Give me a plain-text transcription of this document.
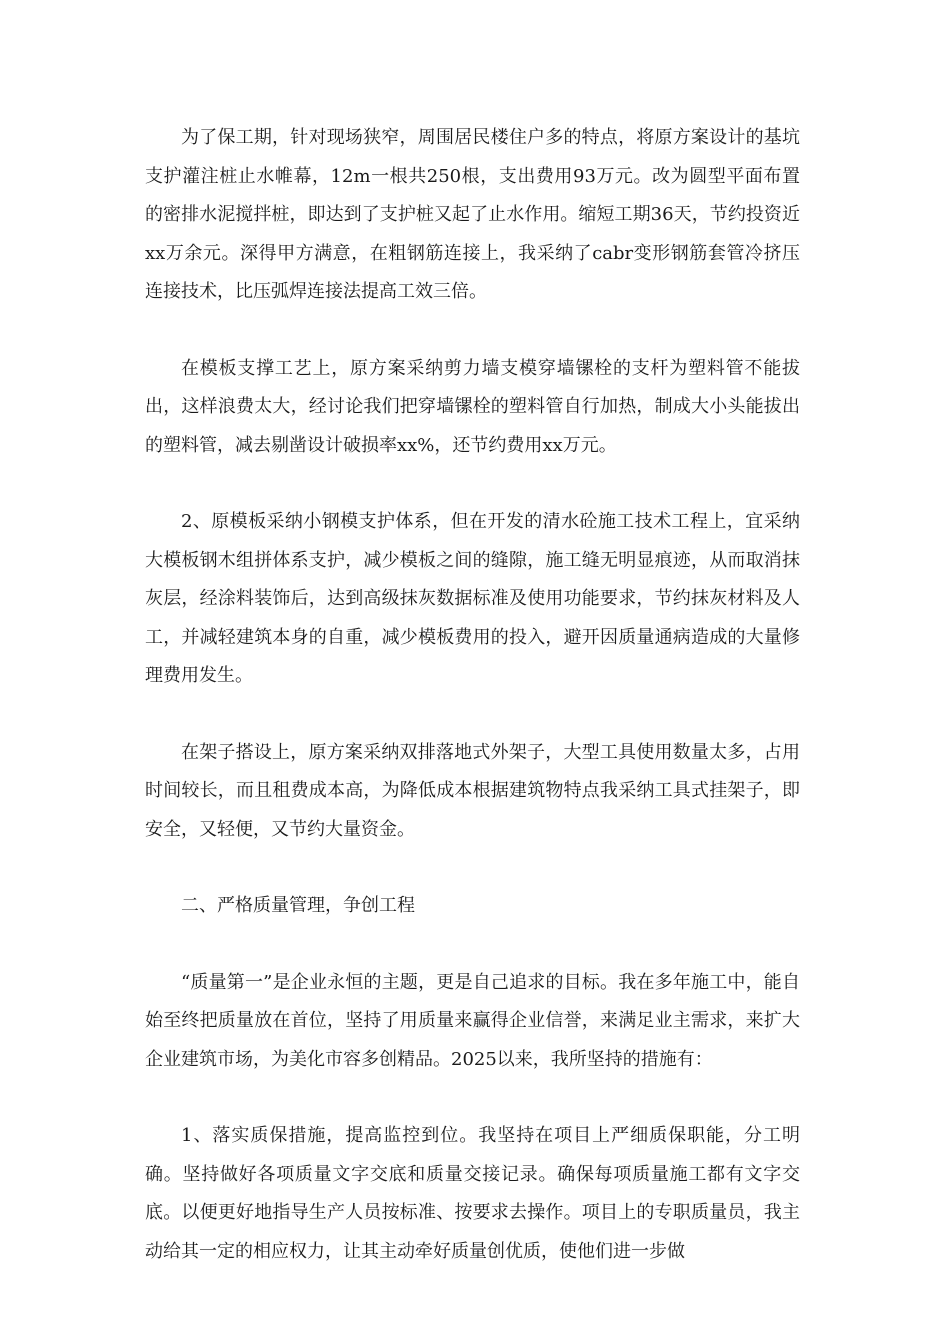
为了保工期，针对现场狭窄，周围居民楼住户多的特点，将原方案设计的基坑支护灌注桩止水帷幕，12m一根共250根，支出费用93万元。改为圆型平面布置的密排水泥搅拌桩，即达到了支护桩又起了止水作用。缩短工期36天，节约投资近xx万余元。深得甲方满意，在粗钢筋连接上，我采纳了cabr变形钢筋套管冷挤压连接技术，比压弧焊连接法提高工效三倍。

在模板支撑工艺上，原方案采纳剪力墙支模穿墙镙栓的支杆为塑料管不能拔出，这样浪费太大，经讨论我们把穿墙镙栓的塑料管自行加热，制成大小头能拔出的塑料管，减去剔凿设计破损率xx%，还节约费用xx万元。

2、原模板采纳小钢模支护体系，但在开发的清水砼施工技术工程上，宜采纳大模板钢木组拼体系支护，减少模板之间的缝隙，施工缝无明显痕迹，从而取消抹灰层，经涂料装饰后，达到高级抹灰数据标准及使用功能要求，节约抹灰材料及人工，并减轻建筑本身的自重，减少模板费用的投入，避开因质量通病造成的大量修理费用发生。

在架子搭设上，原方案采纳双排落地式外架子，大型工具使用数量太多，占用时间较长，而且租费成本高，为降低成本根据建筑物特点我采纳工具式挂架子，即安全，又轻便，又节约大量资金。

二、严格质量管理，争创工程

“质量第一”是企业永恒的主题，更是自己追求的目标。我在多年施工中，能自始至终把质量放在首位，坚持了用质量来赢得企业信誉，来满足业主需求，来扩大企业建筑市场，为美化市容多创精品。2025以来，我所坚持的措施有：

1、落实质保措施，提高监控到位。我坚持在项目上严细质保职能，分工明确。坚持做好各项质量文字交底和质量交接记录。确保每项质量施工都有文字交底。以便更好地指导生产人员按标准、按要求去操作。项目上的专职质量员，我主动给其一定的相应权力，让其主动牵好质量创优质，使他们进一步做
